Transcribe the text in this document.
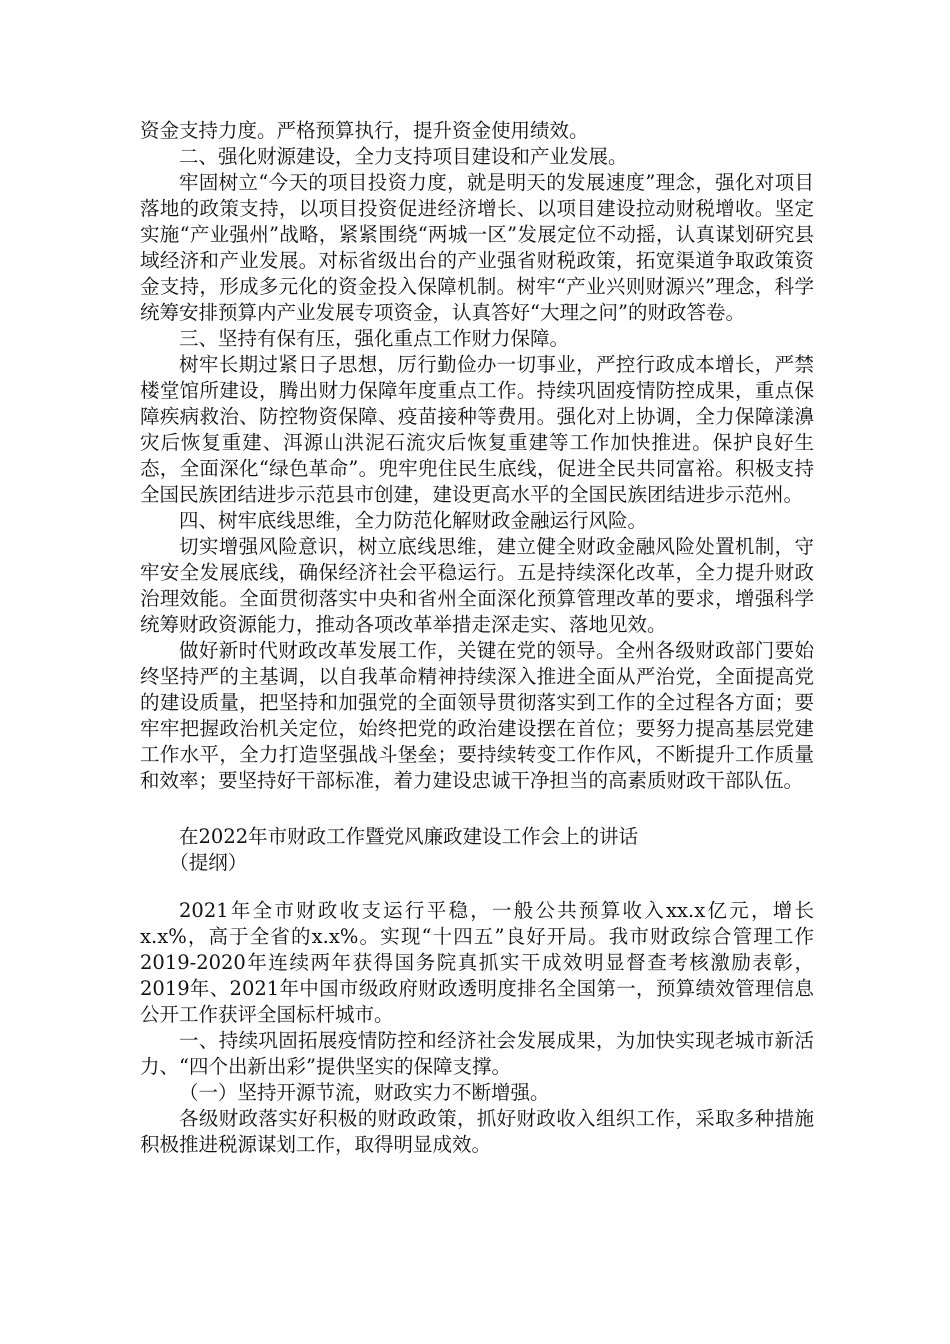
资金支持力度。严格预算执行，提升资金使用绩效。

二、强化财源建设，全力支持项目建设和产业发展。

牢固树立“今天的项目投资力度，就是明天的发展速度”理念，强化对项目落地的政策支持，以项目投资促进经济增长、以项目建设拉动财税增收。坚定实施“产业强州”战略，紧紧围绕“两城一区”发展定位不动摇，认真谋划研究县域经济和产业发展。对标省级出台的产业强省财税政策，拓宽渠道争取政策资金支持，形成多元化的资金投入保障机制。树牢“产业兴则财源兴”理念，科学统筹安排预算内产业发展专项资金，认真答好“大理之问”的财政答卷。

三、坚持有保有压，强化重点工作财力保障。

树牢长期过紧日子思想，厉行勤俭办一切事业，严控行政成本增长，严禁楼堂馆所建设，腾出财力保障年度重点工作。持续巩固疫情防控成果，重点保障疾病救治、防控物资保障、疫苗接种等费用。强化对上协调，全力保障漾濞灾后恢复重建、洱源山洪泥石流灾后恢复重建等工作加快推进。保护良好生态，全面深化“绿色革命”。兜牢兜住民生底线，促进全民共同富裕。积极支持全国民族团结进步示范县市创建，建设更高水平的全国民族团结进步示范州。

四、树牢底线思维，全力防范化解财政金融运行风险。

切实增强风险意识，树立底线思维，建立健全财政金融风险处置机制，守牢安全发展底线，确保经济社会平稳运行。五是持续深化改革，全力提升财政治理效能。全面贯彻落实中央和省州全面深化预算管理改革的要求，增强科学统筹财政资源能力，推动各项改革举措走深走实、落地见效。

做好新时代财政改革发展工作，关键在党的领导。全州各级财政部门要始终坚持严的主基调，以自我革命精神持续深入推进全面从严治党，全面提高党的建设质量，把坚持和加强党的全面领导贯彻落实到工作的全过程各方面；要牢牢把握政治机关定位，始终把党的政治建设摆在首位；要努力提高基层党建工作水平，全力打造坚强战斗堡垒；要持续转变工作作风，不断提升工作质量和效率；要坚持好干部标准，着力建设忠诚干净担当的高素质财政干部队伍。

在2022年市财政工作暨党风廉政建设工作会上的讲话

（提纲）

2021年全市财政收支运行平稳，一般公共预算收入xx.x亿元，增长x.x%，高于全省的x.x%。实现“十四五”良好开局。我市财政综合管理工作2019-2020年连续两年获得国务院真抓实干成效明显督查考核激励表彰，2019年、2021年中国市级政府财政透明度排名全国第一，预算绩效管理信息公开工作获评全国标杆城市。

一、持续巩固拓展疫情防控和经济社会发展成果，为加快实现老城市新活力、“四个出新出彩”提供坚实的保障支撑。

（一）坚持开源节流，财政实力不断增强。

各级财政落实好积极的财政政策，抓好财政收入组织工作，采取多种措施积极推进税源谋划工作，取得明显成效。
